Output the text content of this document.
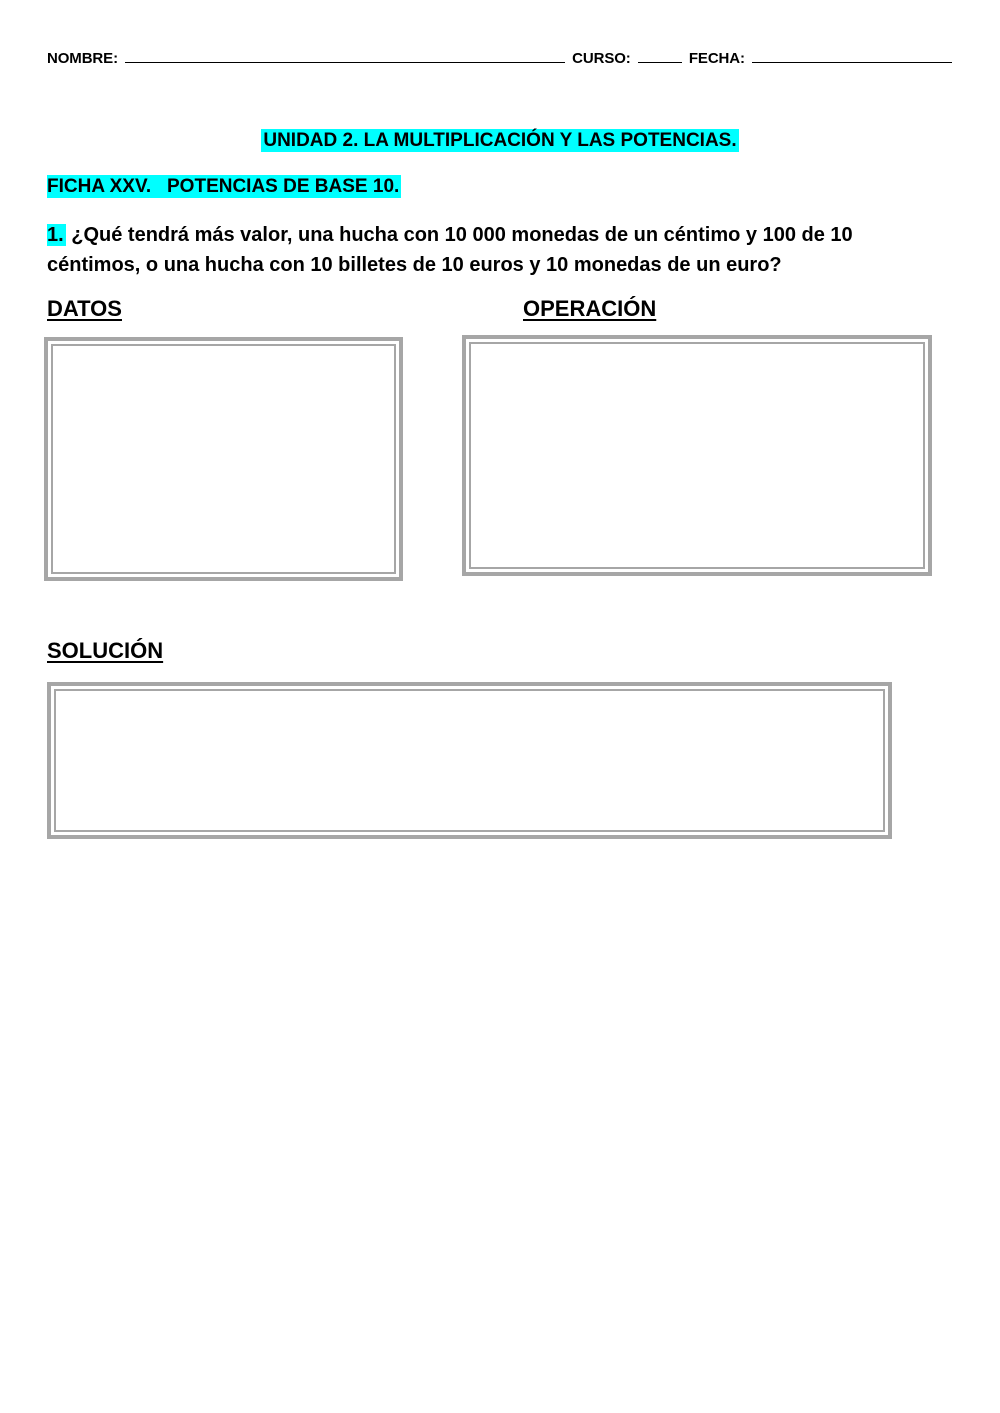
NOMBRE:	CURSO:	FECHA:
UNIDAD 2. LA MULTIPLICACIÓN Y LAS POTENCIAS.
FICHA XXV.   POTENCIAS DE BASE 10.
1. ¿Qué tendrá más valor, una hucha con 10 000 monedas de un céntimo y 100 de 10 céntimos, o una hucha con 10 billetes de 10 euros y 10 monedas de un euro?
DATOS	OPERACIÓN
SOLUCIÓN
